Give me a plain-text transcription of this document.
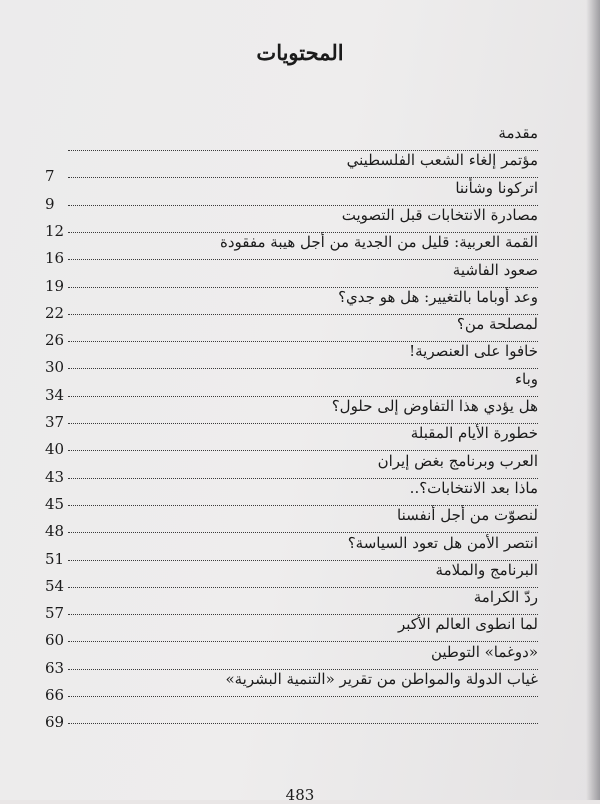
المحتويات
مقدمة
مؤتمر إلغاء الشعب الفلسطيني
7
اتركونا وشأننا
9
مصادرة الانتخابات قبل التصويت
12
القمة العربية: قليل من الجدية من أجل هيبة مفقودة
16
صعود الفاشية
19
وعد أوباما بالتغيير: هل هو جدي؟
22
لمصلحة من؟
26
خافوا على العنصرية!
30
وباء
34
هل يؤدي هذا التفاوض إلى حلول؟
37
خطورة الأيام المقبلة
40
العرب وبرنامج بغض إيران
43
ماذا بعد الانتخابات؟..
45
لنصوّت من أجل أنفسنا
48
انتصر الأمن هل تعود السياسة؟
51
البرنامج والملامة
54
ردّ الكرامة
57
لما انطوى العالم الأكبر
60
«دوغما» التوطين
63
غياب الدولة والمواطن من تقرير «التنمية البشرية»
66
69
483
